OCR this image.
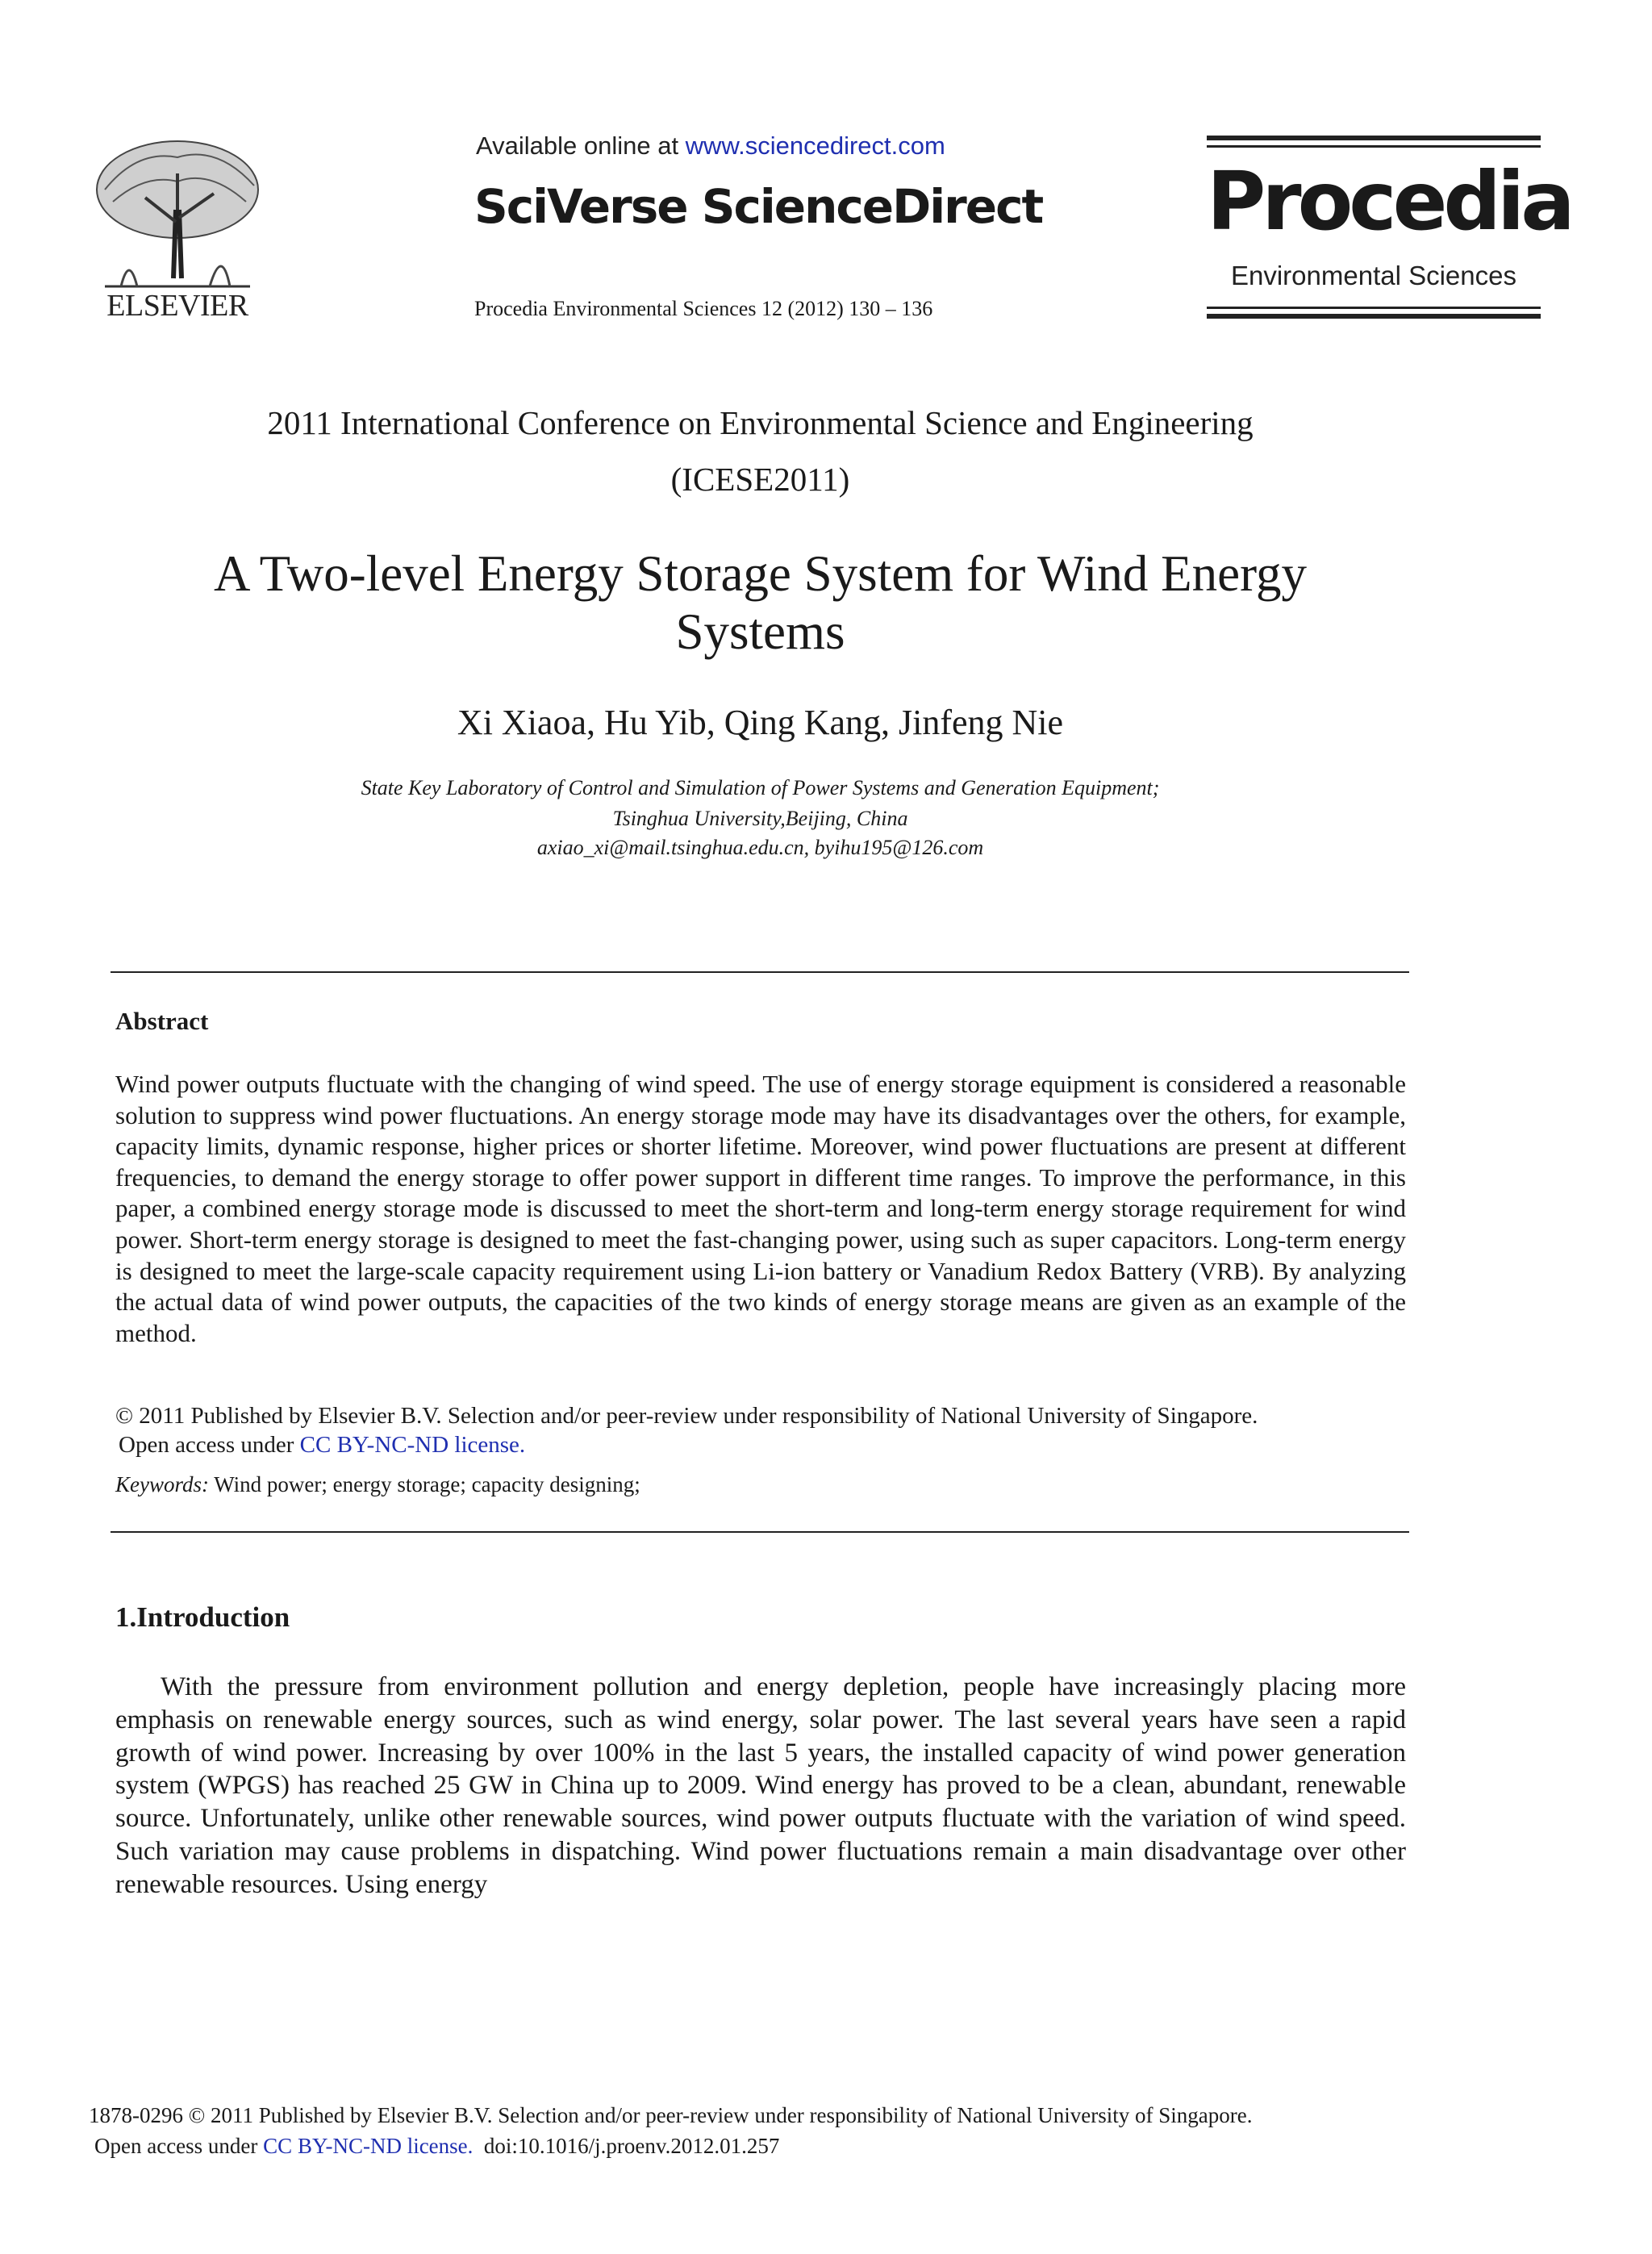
ELSEVIER
Available online at www.sciencedirect.com
SciVerse ScienceDirect
Procedia Environmental Sciences 12 (2012) 130 – 136
Procedia
Environmental Sciences
2011 International Conference on Environmental Science and Engineering
(ICESE2011)
A Two-level Energy Storage System for Wind Energy
Systems
Xi Xiaoa, Hu Yib, Qing Kang, Jinfeng Nie
State Key Laboratory of Control and Simulation of Power Systems and Generation Equipment;
Tsinghua University,Beijing, China
axiao_xi@mail.tsinghua.edu.cn, byihu195@126.com
Abstract

Wind power outputs fluctuate with the changing of wind speed. The use of energy storage equipment is considered a reasonable solution to suppress wind power fluctuations. An energy storage mode may have its disadvantages over the others, for example, capacity limits, dynamic response, higher prices or shorter lifetime. Moreover, wind power fluctuations are present at different frequencies, to demand the energy storage to offer power support in different time ranges. To improve the performance, in this paper, a combined energy storage mode is discussed to meet the short-term and long-term energy storage requirement for wind power. Short-term energy storage is designed to meet the fast-changing power, using such as super capacitors. Long-term energy is designed to meet the large-scale capacity requirement using Li-ion battery or Vanadium Redox Battery (VRB). By analyzing the actual data of wind power outputs, the capacities of the two kinds of energy storage means are given as an example of the method.

© 2011 Published by Elsevier B.V. Selection and/or peer-review under responsibility of National University of Singapore.
Open access under CC BY-NC-ND license.
Keywords: Wind power; energy storage; capacity designing;
1.Introduction

With the pressure from environment pollution and energy depletion, people have increasingly placing more emphasis on renewable energy sources, such as wind energy, solar power. The last several years have seen a rapid growth of wind power. Increasing by over 100% in the last 5 years, the installed capacity of wind power generation system (WPGS) has reached 25 GW in China up to 2009. Wind energy has proved to be a clean, abundant, renewable source. Unfortunately, unlike other renewable sources, wind power outputs fluctuate with the variation of wind speed. Such variation may cause problems in dispatching. Wind power fluctuations remain a main disadvantage over other renewable resources. Using energy

1878-0296 © 2011 Published by Elsevier B.V. Selection and/or peer-review under responsibility of National University of Singapore.
Open access under CC BY-NC-ND license. doi:10.1016/j.proenv.2012.01.257
